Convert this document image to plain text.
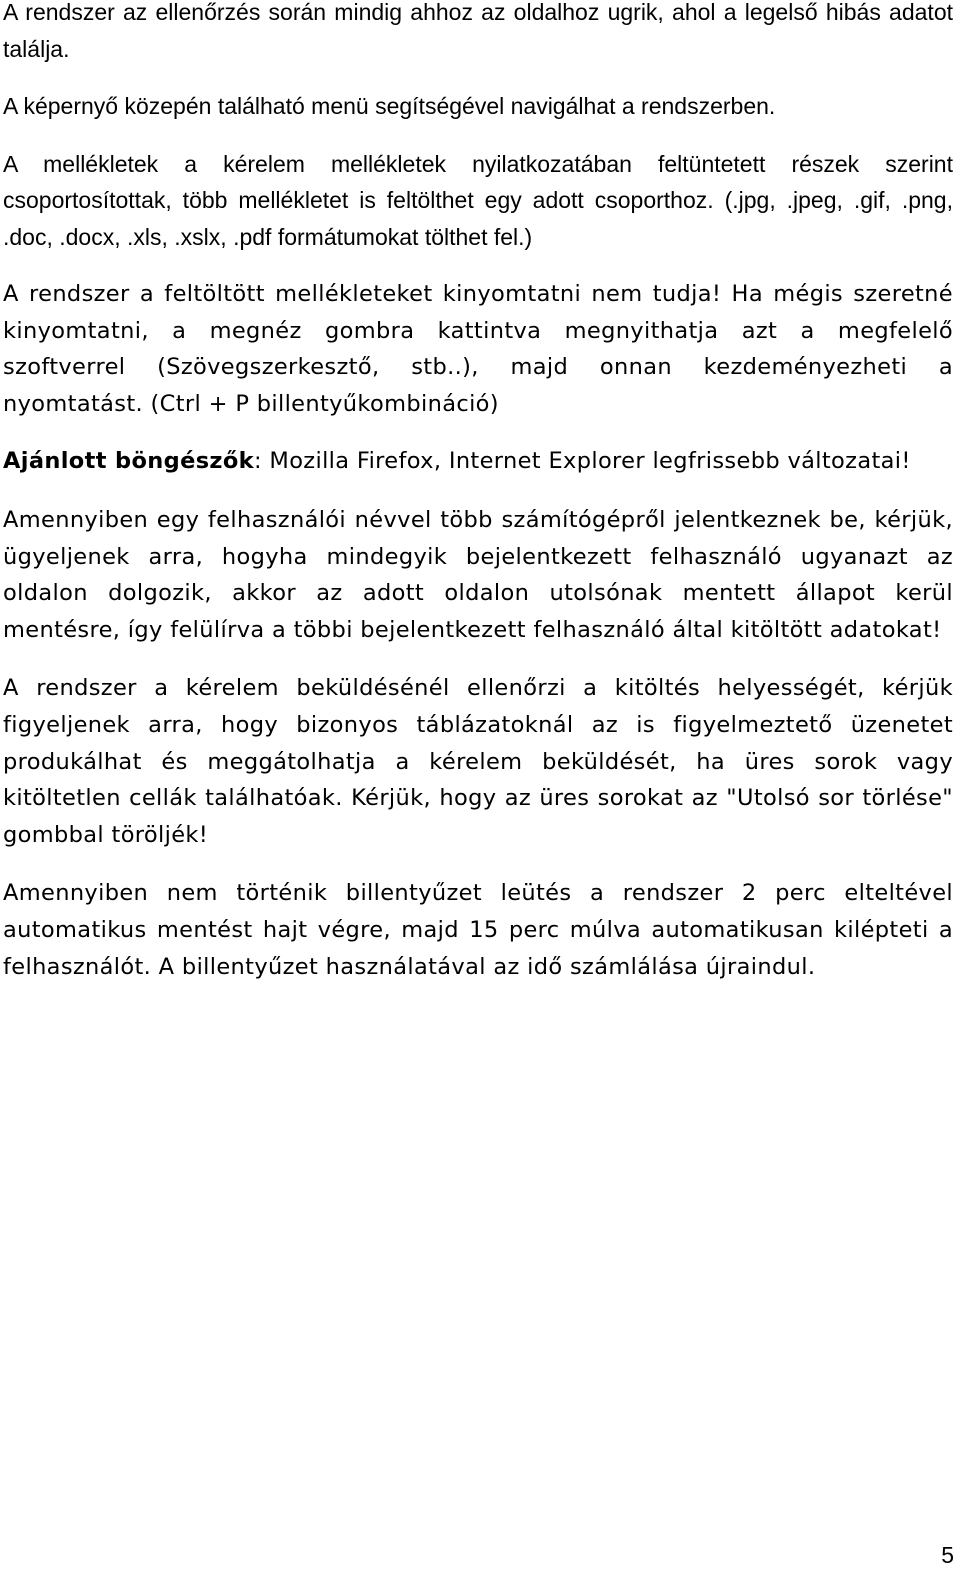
A rendszer az ellenőrzés során mindig ahhoz az oldalhoz ugrik, ahol a legelső hibás adatot találja.

A képernyő közepén található menü segítségével navigálhat a rendszerben.

A mellékletek a kérelem mellékletek nyilatkozatában feltüntetett részek szerint csoportosítottak, több mellékletet is feltölthet egy adott csoporthoz. (.jpg, .jpeg, .gif, .png, .doc, .docx, .xls, .xslx, .pdf formátumokat tölthet fel.)

A rendszer a feltöltött mellékleteket kinyomtatni nem tudja! Ha mégis szeretné kinyomtatni, a megnéz gombra kattintva megnyithatja azt a megfelelő szoftverrel (Szövegszerkesztő, stb..), majd onnan kezdeményezheti a nyomtatást. (Ctrl + P billentyűkombináció)

Ajánlott böngészők: Mozilla Firefox, Internet Explorer legfrissebb változatai!

Amennyiben egy felhasználói névvel több számítógépről jelentkeznek be, kérjük, ügyeljenek arra, hogyha mindegyik bejelentkezett felhasználó ugyanazt az oldalon dolgozik, akkor az adott oldalon utolsónak mentett állapot kerül mentésre, így felülírva a többi bejelentkezett felhasználó által kitöltött adatokat!

A rendszer a kérelem beküldésénél ellenőrzi a kitöltés helyességét, kérjük figyeljenek arra, hogy bizonyos táblázatoknál az is figyelmeztető üzenetet produkálhat és meggátolhatja a kérelem beküldését, ha üres sorok vagy kitöltetlen cellák találhatóak. Kérjük, hogy az üres sorokat az "Utolsó sor törlése" gombbal töröljék!

Amennyiben nem történik billentyűzet leütés a rendszer 2 perc elteltével automatikus mentést hajt végre, majd 15 perc múlva automatikusan kilépteti a felhasználót. A billentyűzet használatával az idő számlálása újraindul.

5
